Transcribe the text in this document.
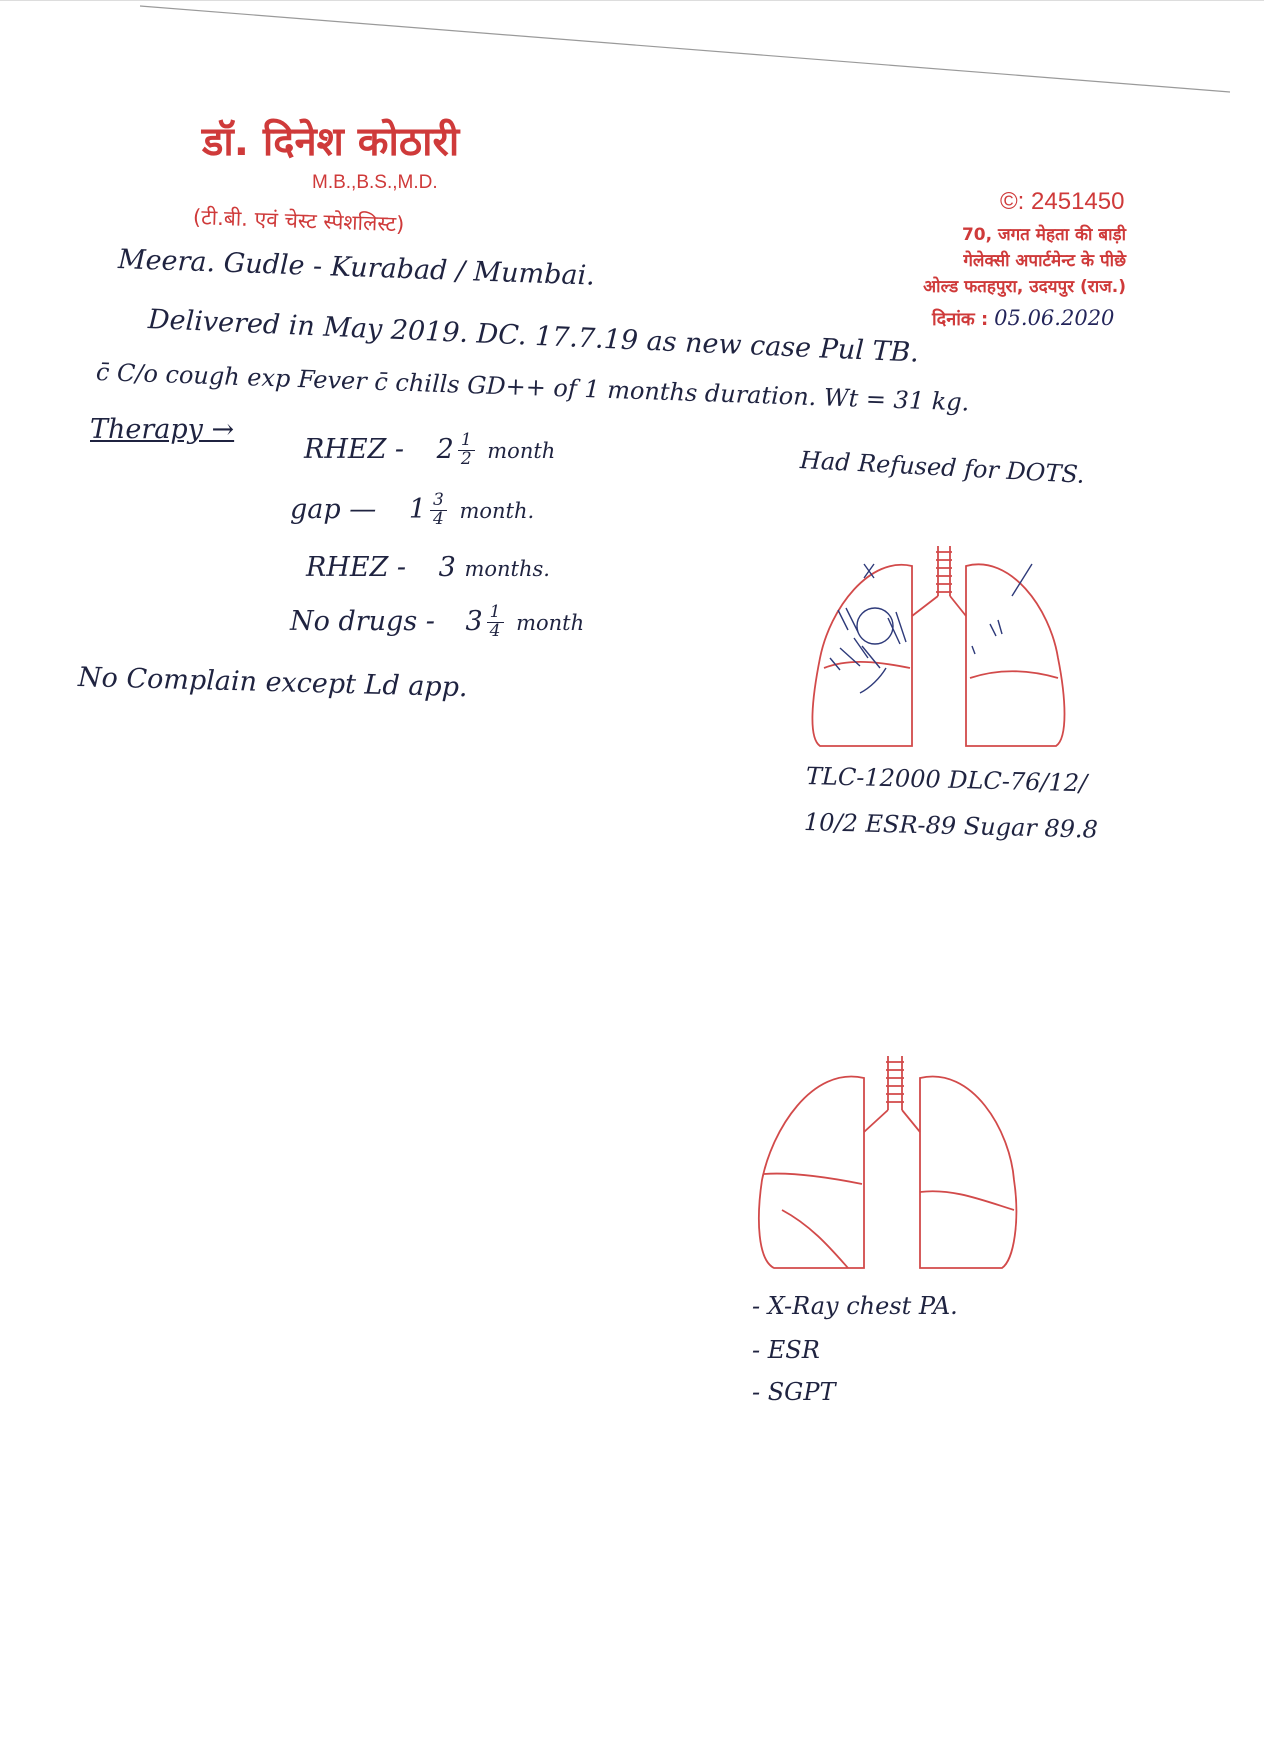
डॉ. दिनेश कोठारी
M.B.,B.S.,M.D.
(टी.बी. एवं चेस्ट स्पेशलिस्ट)
©: 2451450
70, जगत मेहता की बाड़ी
गेलेक्सी अपार्टमेन्ट के पीछे
ओल्ड फतहपुरा, उदयपुर (राज.)
दिनांक : 05.06.2020
Meera. Gudle - Kurabad / Mumbai.
Delivered in May 2019. DC. 17.7.19 as new case Pul TB.
c̄ C/o cough exp Fever c̄ chills GD++ of 1 months duration. Wt = 31 kg.
Therapy →
Had Refused for DOTS.
RHEZ - $2 \frac{1}{2}$ month
gap — $1 \frac{3}{4}$ month.
RHEZ - 3 months.
No drugs - $3 \frac{1}{4}$ month
No Complain except Ld app.
TLC-12000 DLC-76/12/
10/2 ESR-89 Sugar 89.8
- X-Ray chest PA.
- ESR
- SGPT
